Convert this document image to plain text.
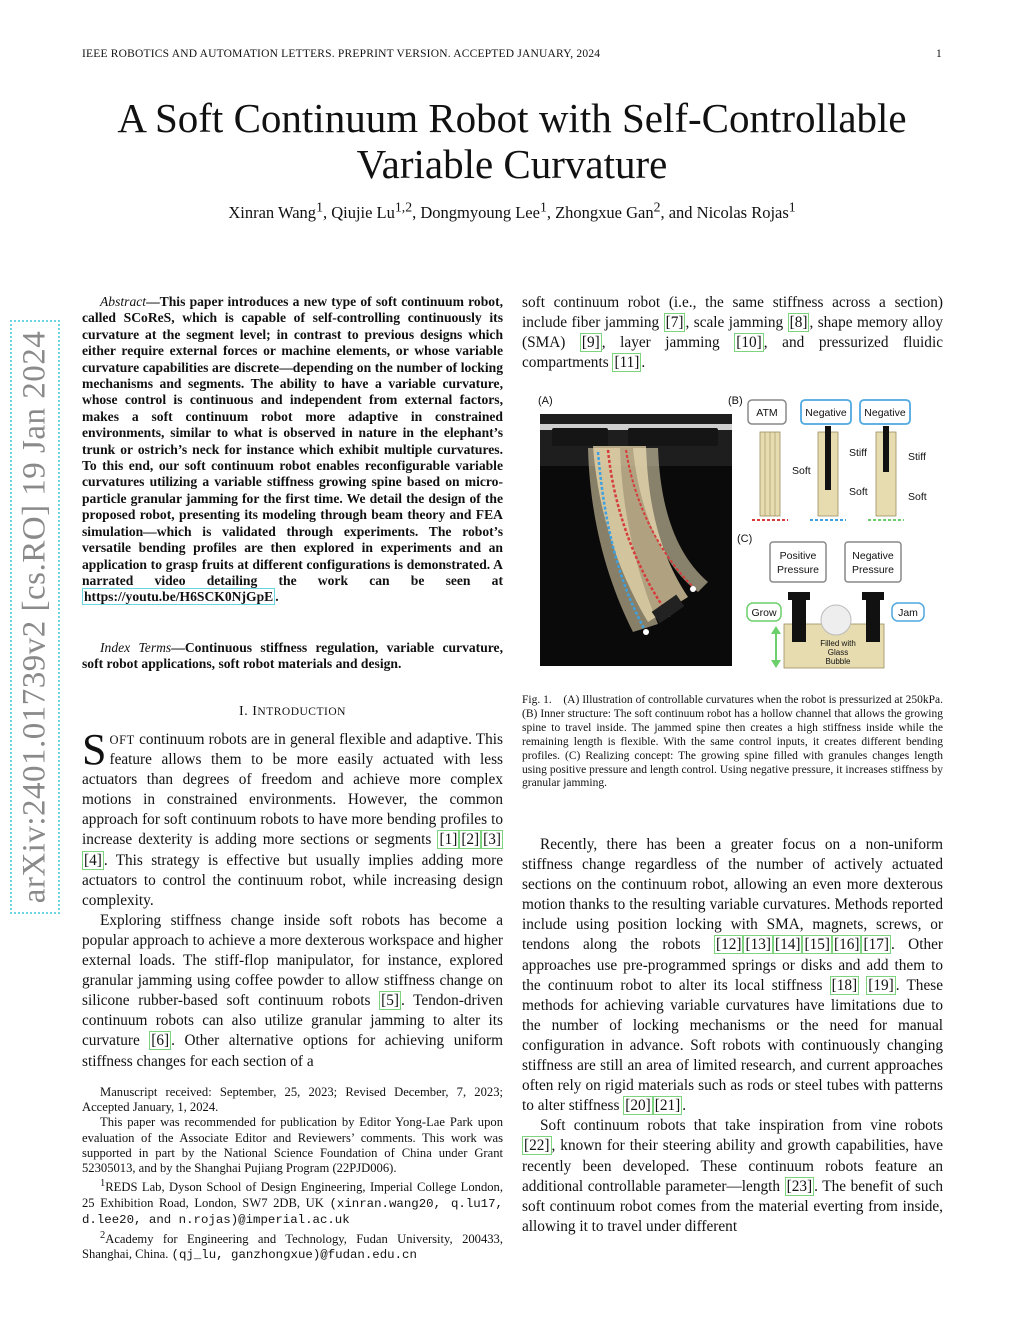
IEEE ROBOTICS AND AUTOMATION LETTERS. PREPRINT VERSION. ACCEPTED JANUARY, 2024	1
A Soft Continuum Robot with Self-Controllable
Variable Curvature
Xinran Wang$^1$, Qiujie Lu$^{1,2}$, Dongmyoung Lee$^1$, Zhongxue Gan$^2$, and Nicolas Rojas$^1$
arXiv:2401.01739v2 [cs.RO] 19 Jan 2024

Abstract—This paper introduces a new type of soft continuum robot, called SCoReS, which is capable of self-controlling continuously its curvature at the segment level; in contrast to previous designs which either require external forces or machine elements, or whose variable curvature capabilities are discrete—depending on the number of locking mechanisms and segments. The ability to have a variable curvature, whose control is continuous and independent from external factors, makes a soft continuum robot more adaptive in constrained environments, similar to what is observed in nature in the elephant’s trunk or ostrich’s neck for instance which exhibit multiple curvatures. To this end, our soft continuum robot enables reconfigurable variable curvatures utilizing a variable stiffness growing spine based on micro-particle granular jamming for the first time. We detail the design of the proposed robot, presenting its modeling through beam theory and FEA simulation—which is validated through experiments. The robot’s versatile bending profiles are then explored in experiments and an application to grasp fruits at different configurations is demonstrated. A narrated video detailing the work can be seen at https://youtu.be/H6SCK0NjGpE .

Index Terms—Continuous stiffness regulation, variable curvature, soft robot applications, soft robot materials and design.

I. INTRODUCTION

SOFT continuum robots are in general flexible and adaptive. This feature allows them to be more easily actuated with less actuators than degrees of freedom and achieve more complex motions in constrained environments. However, the common approach for soft continuum robots to have more bending profiles to increase dexterity is adding more sections or segments [1] [2] [3][4] . This strategy is effective but usually implies adding more actuators to control the continuum robot, while increasing design complexity.

Exploring stiffness change inside soft robots has become a popular approach to achieve a more dexterous workspace and higher external loads. The stiff-flop manipulator, for instance, explored granular jamming using coffee powder to allow stiffness change on silicone rubber-based soft continuum robots [5] . Tendon-driven continuum robots can also utilize granular jamming to alter its curvature [6] . Other alternative options for achieving uniform stiffness changes for each section of a

Manuscript received: September, 25, 2023; Revised December, 7, 2023; Accepted January, 1, 2024.

This paper was recommended for publication by Editor Yong-Lae Park upon evaluation of the Associate Editor and Reviewers’ comments. This work was supported in part by the National Science Foundation of China under Grant 52305013, and by the Shanghai Pujiang Program (22PJD006).

$^1$REDS Lab, Dyson School of Design Engineering, Imperial College London, 25 Exhibition Road, London, SW7 2DB, UK (xinran.wang20, q.lu17, d.lee20, and n.rojas)@imperial.ac.uk

$^2$Academy for Engineering and Technology, Fudan University, 200433, Shanghai, China. (qj_lu, ganzhongxue)@fudan.edu.cn

soft continuum robot (i.e., the same stiffness across a section) include fiber jamming [7] , scale jamming [8] , shape memory alloy (SMA) [9] , layer jamming [10] , and pressurized fluidic compartments [11] .

(A)	(B)
ATM	Negative Negative
Soft
Stiff
Soft
Stiff
Soft
(C)
Positive
Pressure
Negative
Pressure
Grow	Jam
Filled with
Glass
Bubble

Fig. 1. (A) Illustration of controllable curvatures when the robot is pressurized at 250kPa. (B) Inner structure: The soft continuum robot has a hollow channel that allows the growing spine to travel inside. The jammed spine then creates a high stiffness inside while the remaining length is flexible. With the same control inputs, it creates different bending profiles. (C) Realizing concept: The growing spine filled with granules changes length using positive pressure and length control. Using negative pressure, it increases stiffness by granular jamming.

Recently, there has been a greater focus on a non-uniform stiffness change regardless of the number of actively actuated sections on the continuum robot, allowing an even more dexterous motion thanks to the resulting variable curvatures. Methods reported include using position locking with SMA, magnets, screws, or tendons along the robots [12] [13] [14] [15] [16] [17] . Other approaches use pre-programmed springs or disks and add them to the continuum robot to alter its local stiffness [18] [19] . These methods for achieving variable curvatures have limitations due to the number of locking mechanisms or the need for manual configuration in advance. Soft robots with continuously changing stiffness are still an area of limited research, and current approaches often rely on rigid materials such as rods or steel tubes with patterns to alter stiffness [20] [21] .

Soft continuum robots that take inspiration from vine robots [22] , known for their steering ability and growth capabilities, have recently been developed. These continuum robots feature an additional controllable parameter—length [23] . The benefit of such soft continuum robot comes from the material everting from inside, allowing it to travel under different
